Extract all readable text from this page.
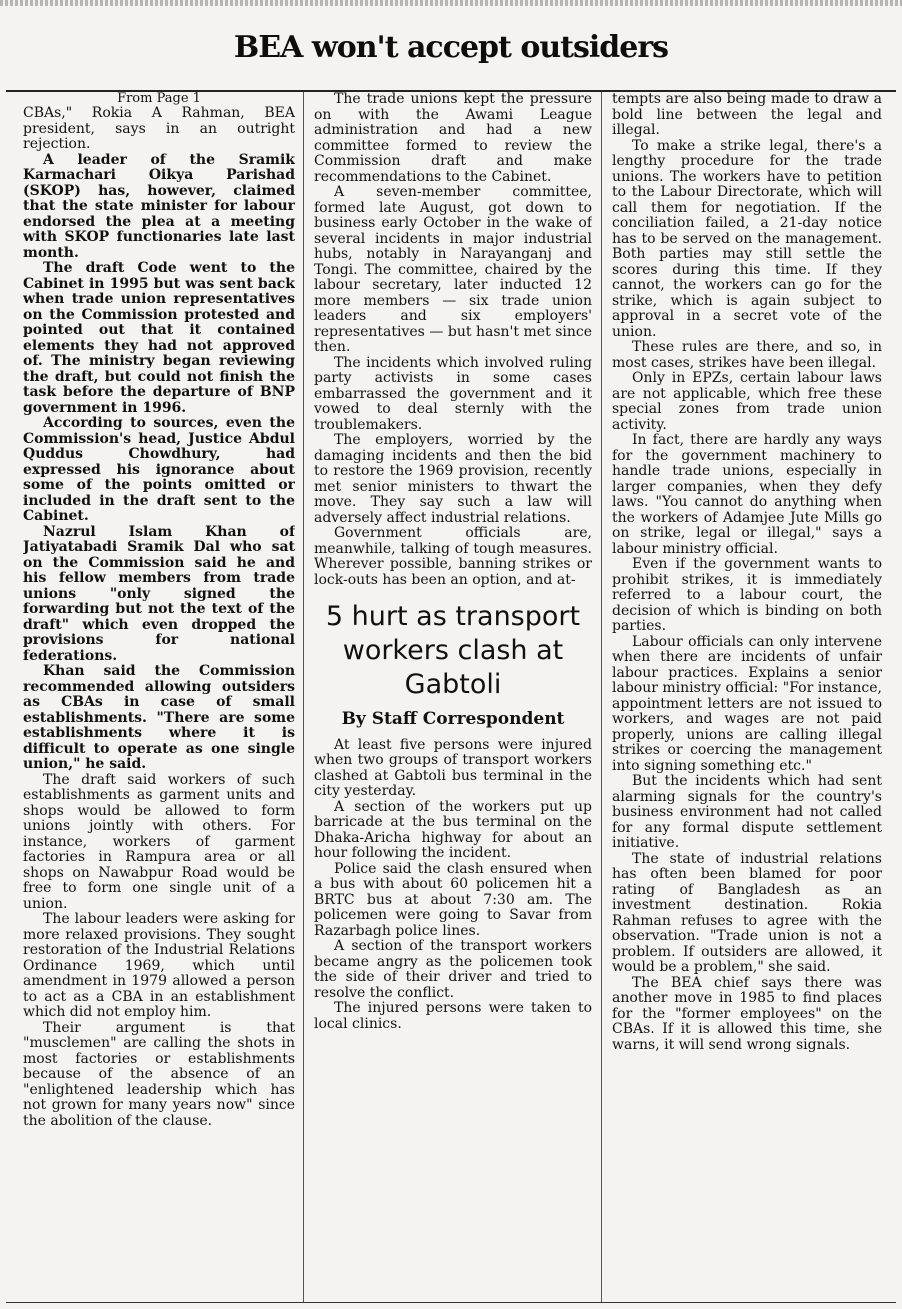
BEA won't accept outsiders

From Page 1

CBAs," Rokia A Rahman, BEA president, says in an outright rejection.

A leader of the Sramik Karmachari Oikya Parishad (SKOP) has, however, claimed that the state minister for labour endorsed the plea at a meeting with SKOP functionaries late last month.

The draft Code went to the Cabinet in 1995 but was sent back when trade union representatives on the Commission protested and pointed out that it contained elements they had not approved of. The ministry began reviewing the draft, but could not finish the task before the departure of BNP government in 1996.

According to sources, even the Commission's head, Justice Abdul Quddus Chowdhury, had expressed his ignorance about some of the points omitted or included in the draft sent to the Cabinet.

Nazrul Islam Khan of Jatiyatabadi Sramik Dal who sat on the Commission said he and his fellow members from trade unions "only signed the forwarding but not the text of the draft" which even dropped the provisions for national federations.

Khan said the Commission recommended allowing outsiders as CBAs in case of small establishments. "There are some establishments where it is difficult to operate as one single union," he said.

The draft said workers of such establishments as garment units and shops would be allowed to form unions jointly with others. For instance, workers of garment factories in Rampura area or all shops on Nawabpur Road would be free to form one single unit of a union.

The labour leaders were asking for more relaxed provisions. They sought restoration of the Industrial Relations Ordinance 1969, which until amendment in 1979 allowed a person to act as a CBA in an establishment which did not employ him.

Their argument is that "musclemen" are calling the shots in most factories or establishments because of the absence of an "enlightened leadership which has not grown for many years now" since the abolition of the clause.

The trade unions kept the pressure on with the Awami League administration and had a new committee formed to review the Commission draft and make recommendations to the Cabinet.

A seven-member committee, formed late August, got down to business early October in the wake of several incidents in major industrial hubs, notably in Narayanganj and Tongi. The committee, chaired by the labour secretary, later inducted 12 more members — six trade union leaders and six employers' representatives — but hasn't met since then.

The incidents which involved ruling party activists in some cases embarrassed the government and it vowed to deal sternly with the troublemakers.

The employers, worried by the damaging incidents and then the bid to restore the 1969 provision, recently met senior ministers to thwart the move. They say such a law will adversely affect industrial relations.

Government officials are, meanwhile, talking of tough measures. Wherever possible, banning strikes or lock-outs has been an option, and at-

5 hurt as transport workers clash at Gabtoli
By Staff Correspondent

At least five persons were injured when two groups of transport workers clashed at Gabtoli bus terminal in the city yesterday.

A section of the workers put up barricade at the bus terminal on the Dhaka-Aricha highway for about an hour following the incident.

Police said the clash ensured when a bus with about 60 policemen hit a BRTC bus at about 7:30 am. The policemen were going to Savar from Razarbagh police lines.

A section of the transport workers became angry as the policemen took the side of their driver and tried to resolve the conflict.

The injured persons were taken to local clinics.

tempts are also being made to draw a bold line between the legal and illegal.

To make a strike legal, there's a lengthy procedure for the trade unions. The workers have to petition to the Labour Directorate, which will call them for negotiation. If the conciliation failed, a 21-day notice has to be served on the management. Both parties may still settle the scores during this time. If they cannot, the workers can go for the strike, which is again subject to approval in a secret vote of the union.

These rules are there, and so, in most cases, strikes have been illegal.

Only in EPZs, certain labour laws are not applicable, which free these special zones from trade union activity.

In fact, there are hardly any ways for the government machinery to handle trade unions, especially in larger companies, when they defy laws. "You cannot do anything when the workers of Adamjee Jute Mills go on strike, legal or illegal," says a labour ministry official.

Even if the government wants to prohibit strikes, it is immediately referred to a labour court, the decision of which is binding on both parties.

Labour officials can only intervene when there are incidents of unfair labour practices. Explains a senior labour ministry official: "For instance, appointment letters are not issued to workers, and wages are not paid properly, unions are calling illegal strikes or coercing the management into signing something etc."

But the incidents which had sent alarming signals for the country's business environment had not called for any formal dispute settlement initiative.

The state of industrial relations has often been blamed for poor rating of Bangladesh as an investment destination. Rokia Rahman refuses to agree with the observation. "Trade union is not a problem. If outsiders are allowed, it would be a problem," she said.

The BEA chief says there was another move in 1985 to find places for the "former employees" on the CBAs. If it is allowed this time, she warns, it will send wrong signals.
